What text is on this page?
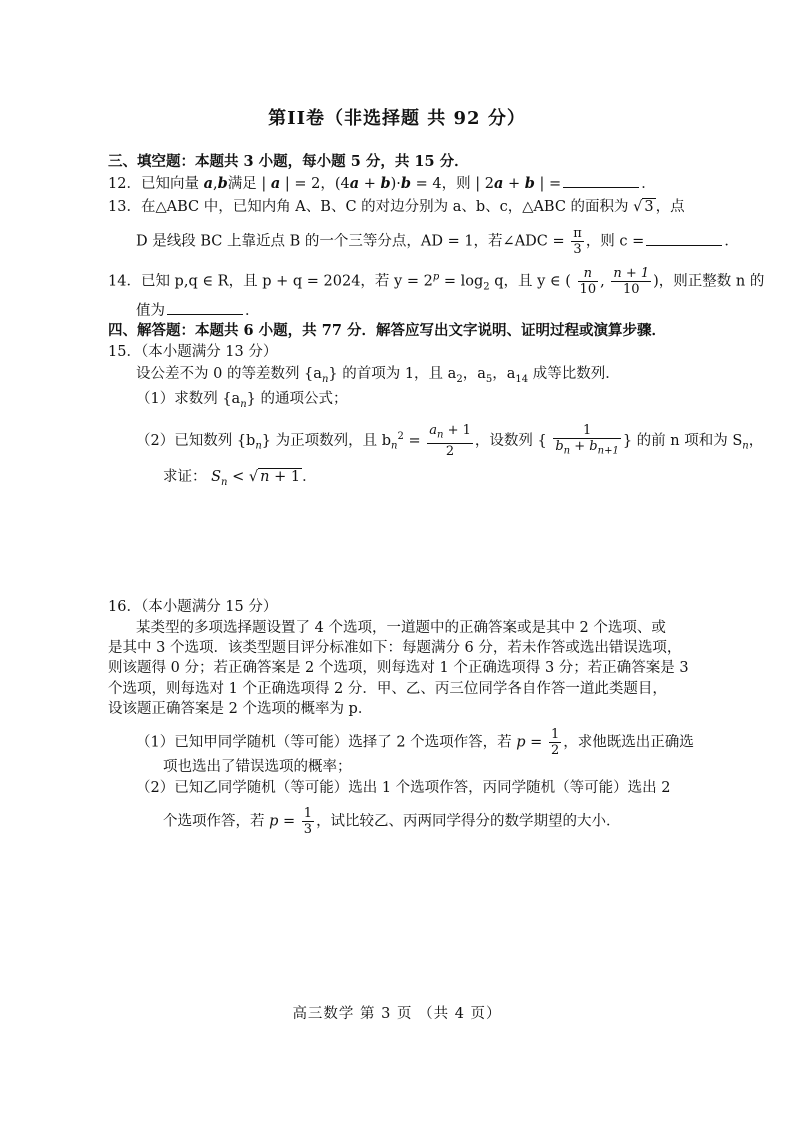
第II卷（非选择题 共 92 分）
三、填空题：本题共 3 小题，每小题 5 分，共 15 分．
12．已知向量 a,b满足 | a | = 2，(4a + b)·b = 4，则 | 2a + b | =	．
13．在△ABC 中，已知内角 A、B、C 的对边分别为 a、b、c，△ABC 的面积为 √ 3 ，点
D 是线段 BC 上靠近点 B 的一个三等分点，AD = 1，若∠ADC = $\frac{\pi}{3}$ ，则 c =	．
14．已知 p,q ∈ R，且 p + q = 2024，若 $y = 2^p = \log_2 q$，且 y ∈ ( $\frac{n}{10}$ , $\frac{n + 1}{10}$ )，则正整数 n 的
值为	．
四、解答题：本题共 6 小题，共 77 分．解答应写出文字说明、证明过程或演算步骤．
15．（本小题满分 13 分）
设公差不为 0 的等差数列 $\{a_n\}$ 的首项为 1，且 $a_2$，$a_5$，$a_{14}$ 成等比数列．
（1）求数列 $\{a_n\}$ 的通项公式；
（2）已知数列 $\{b_n\}$ 为正项数列，且 $b_n^2 = \frac{a_n + 1}{2}$ ，设数列 { $\frac{1}{b_n + b_{n+1}}$ } 的前 n 项和为 $S_n$，
求证： $S_n$ < √ n + 1 ．
16．（本小题满分 15 分）
某类型的多项选择题设置了 4 个选项，一道题中的正确答案或是其中 2 个选项、或
是其中 3 个选项．该类型题目评分标准如下：每题满分 6 分，若未作答或选出错误选项，
则该题得 0 分；若正确答案是 2 个选项，则每选对 1 个正确选项得 3 分；若正确答案是 3
个选项，则每选对 1 个正确选项得 2 分．甲、乙、丙三位同学各自作答一道此类题目，
设该题正确答案是 2 个选项的概率为 p．
（1）已知甲同学随机（等可能）选择了 2 个选项作答，若 $p = \frac{1}{2}$ ，求他既选出正确选
项也选出了错误选项的概率；
（2）已知乙同学随机（等可能）选出 1 个选项作答，丙同学随机（等可能）选出 2
个选项作答，若 $p = \frac{1}{3}$ ，试比较乙、丙两同学得分的数学期望的大小．
高三数学 第 3 页 （共 4 页）
